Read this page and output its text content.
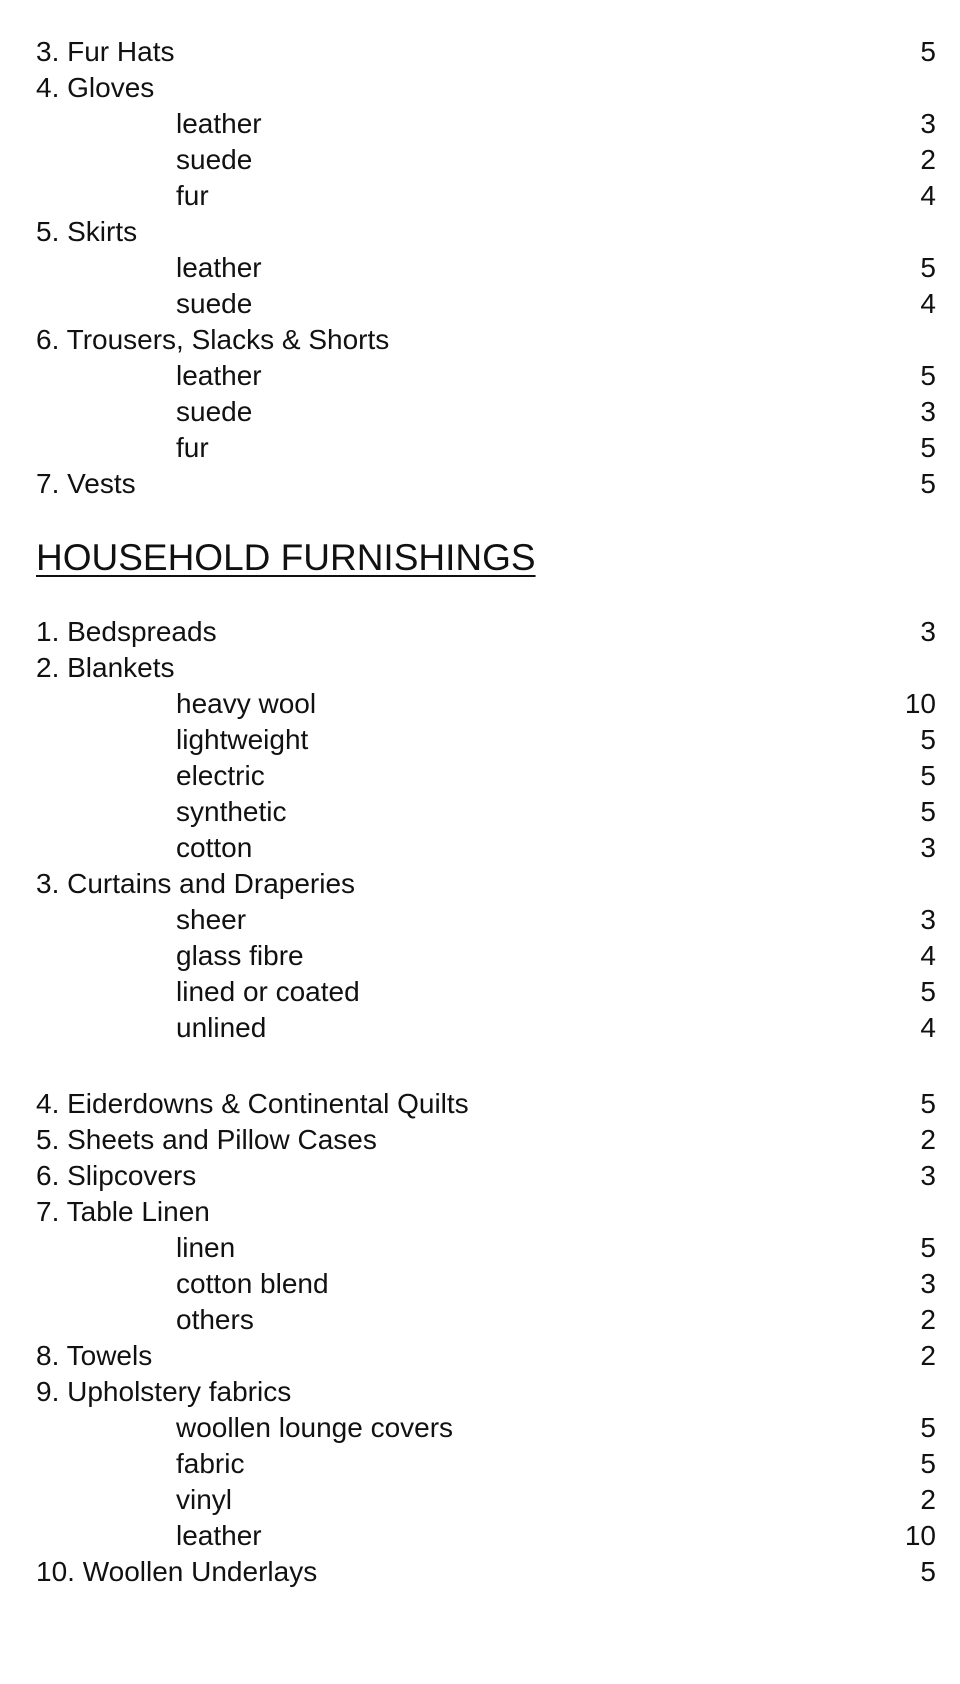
3. Fur Hats	5
4. Gloves
leather	3
suede	2
fur	4
5. Skirts
leather	5
suede	4
6. Trousers, Slacks & Shorts
leather	5
suede	3
fur	5
7. Vests	5
HOUSEHOLD FURNISHINGS
1. Bedspreads	3
2. Blankets
heavy wool	10
lightweight	5
electric	5
synthetic	5
cotton	3
3. Curtains and Draperies
sheer	3
glass fibre	4
lined or coated	5
unlined	4
4. Eiderdowns & Continental Quilts	5
5. Sheets and Pillow Cases	2
6. Slipcovers	3
7. Table Linen
linen	5
cotton blend	3
others	2
8. Towels	2
9. Upholstery fabrics
woollen lounge covers	5
fabric	5
vinyl	2
leather	10
10. Woollen Underlays	5
